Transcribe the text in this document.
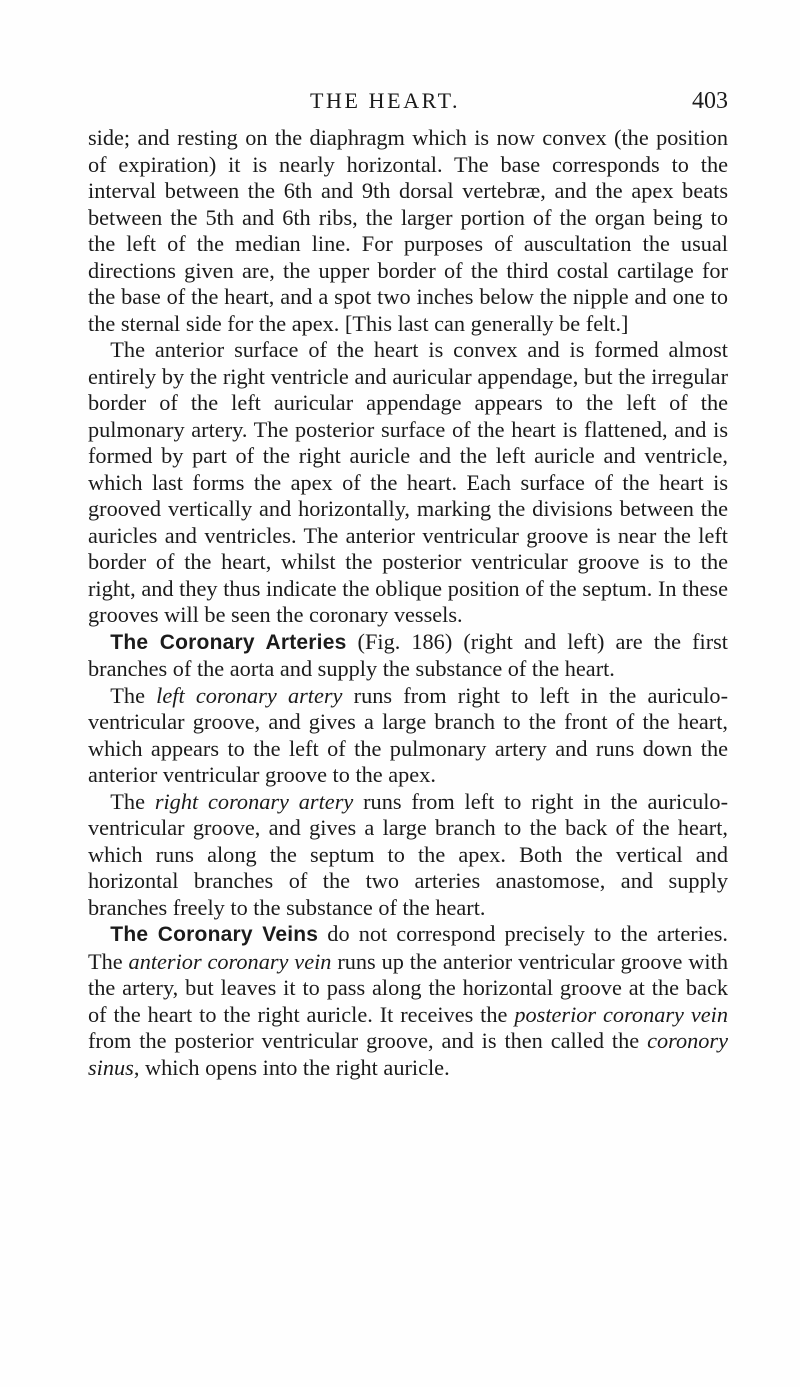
THE HEART.	403

side; and resting on the diaphragm which is now convex (the position of expiration) it is nearly horizontal. The base corresponds to the interval between the 6th and 9th dorsal vertebræ, and the apex beats between the 5th and 6th ribs, the larger portion of the organ being to the left of the median line. For purposes of auscultation the usual directions given are, the upper border of the third costal cartilage for the base of the heart, and a spot two inches below the nipple and one to the sternal side for the apex. [This last can generally be felt.]

 The anterior surface of the heart is convex and is formed almost entirely by the right ventricle and auricular appendage, but the irregular border of the left auricular appendage appears to the left of the pulmonary artery. The posterior surface of the heart is flattened, and is formed by part of the right auricle and the left auricle and ventricle, which last forms the apex of the heart. Each surface of the heart is grooved vertically and horizontally, marking the divisions between the auricles and ventricles. The anterior ventricular groove is near the left border of the heart, whilst the posterior ventricular groove is to the right, and they thus indicate the oblique position of the septum. In these grooves will be seen the coronary vessels.

 The Coronary Arteries (Fig. 186) (right and left) are the first branches of the aorta and supply the substance of the heart.

 The left coronary artery runs from right to left in the auriculo-ventricular groove, and gives a large branch to the front of the heart, which appears to the left of the pulmonary artery and runs down the anterior ventricular groove to the apex.

 The right coronary artery runs from left to right in the auriculo-ventricular groove, and gives a large branch to the back of the heart, which runs along the septum to the apex. Both the vertical and horizontal branches of the two arteries anastomose, and supply branches freely to the substance of the heart.

 The Coronary Veins do not correspond precisely to the arteries. The anterior coronary vein runs up the anterior ventricular groove with the artery, but leaves it to pass along the horizontal groove at the back of the heart to the right auricle. It receives the posterior coronary vein from the posterior ventricular groove, and is then called the coronory sinus, which opens into the right auricle.
